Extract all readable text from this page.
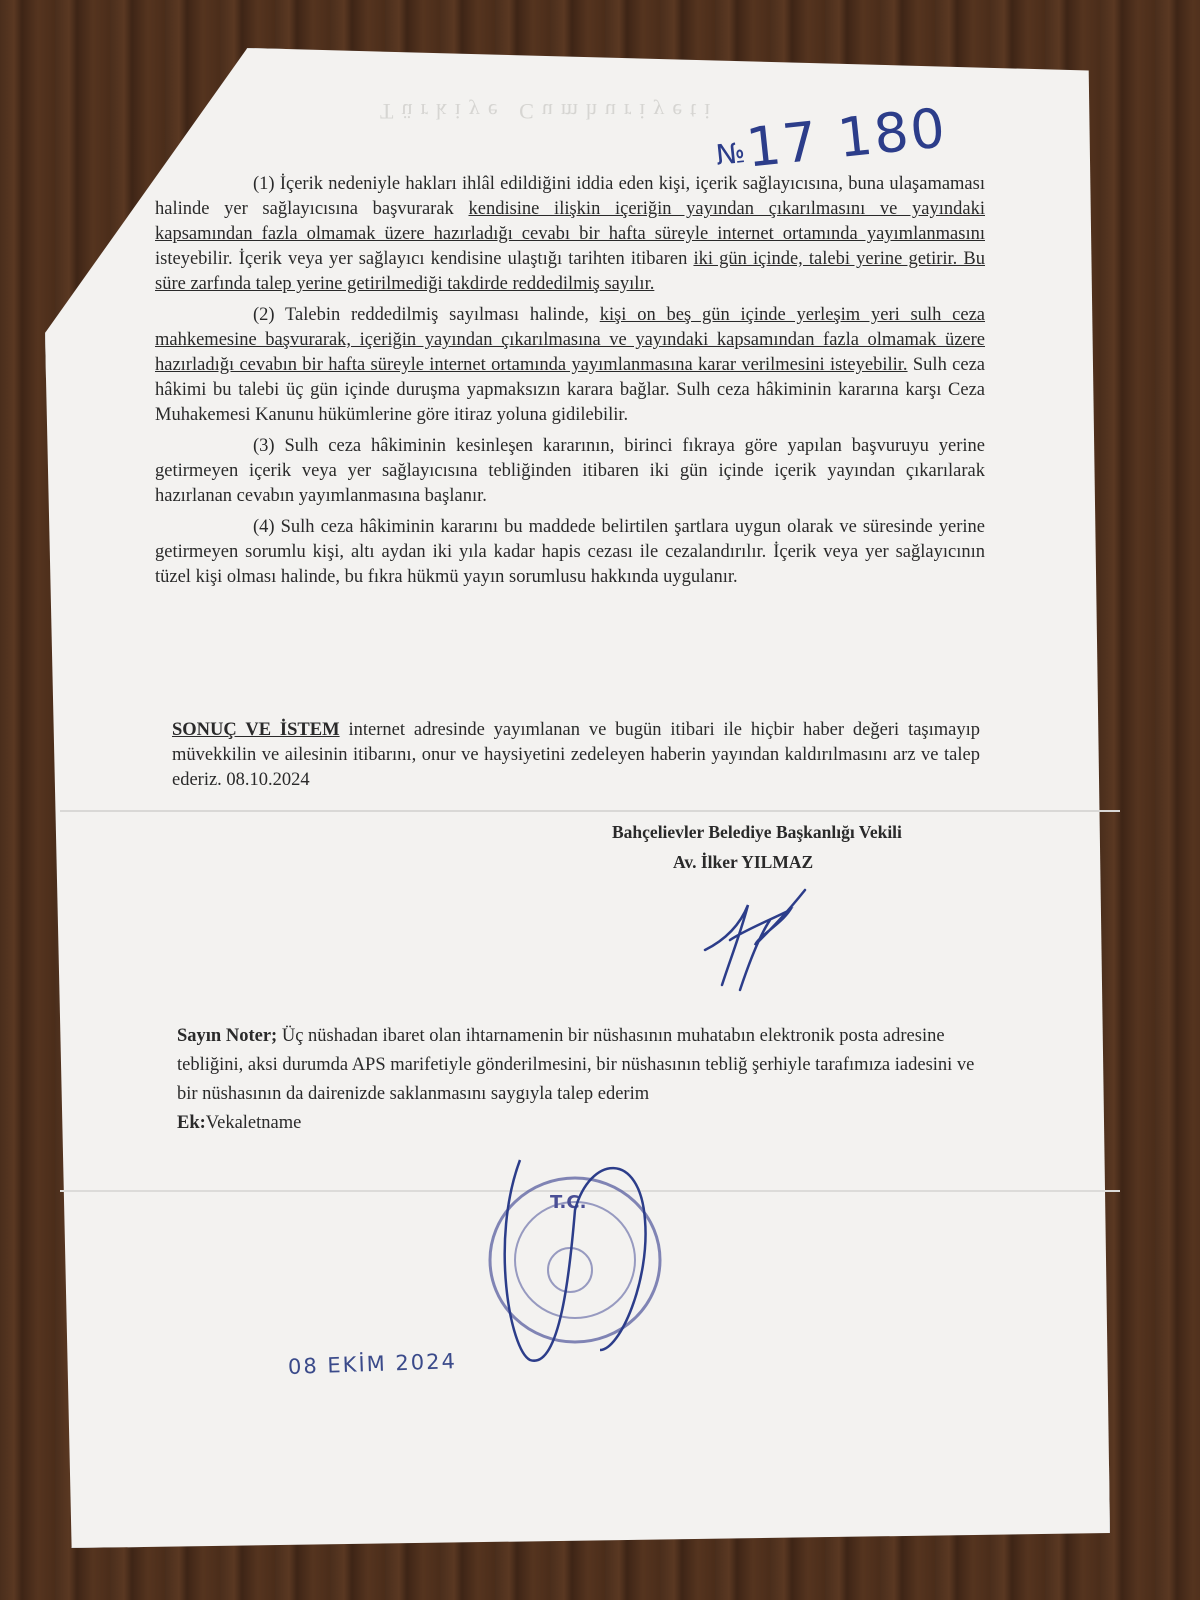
Türkiye Cumhuriyeti
№17 180

(1) İçerik nedeniyle hakları ihlâl edildiğini iddia eden kişi, içerik sağlayıcısına, buna ulaşamaması halinde yer sağlayıcısına başvurarak kendisine ilişkin içeriğin yayından çıkarılmasını ve yayındaki kapsamından fazla olmamak üzere hazırladığı cevabı bir hafta süreyle internet ortamında yayımlanmasını isteyebilir. İçerik veya yer sağlayıcı kendisine ulaştığı tarihten itibaren iki gün içinde, talebi yerine getirir. Bu süre zarfında talep yerine getirilmediği takdirde reddedilmiş sayılır.

(2) Talebin reddedilmiş sayılması halinde, kişi on beş gün içinde yerleşim yeri sulh ceza mahkemesine başvurarak, içeriğin yayından çıkarılmasına ve yayındaki kapsamından fazla olmamak üzere hazırladığı cevabın bir hafta süreyle internet ortamında yayımlanmasına karar verilmesini isteyebilir. Sulh ceza hâkimi bu talebi üç gün içinde duruşma yapmaksızın karara bağlar. Sulh ceza hâkiminin kararına karşı Ceza Muhakemesi Kanunu hükümlerine göre itiraz yoluna gidilebilir.

(3) Sulh ceza hâkiminin kesinleşen kararının, birinci fıkraya göre yapılan başvuruyu yerine getirmeyen içerik veya yer sağlayıcısına tebliğinden itibaren iki gün içinde içerik yayından çıkarılarak hazırlanan cevabın yayımlanmasına başlanır.

(4) Sulh ceza hâkiminin kararını bu maddede belirtilen şartlara uygun olarak ve süresinde yerine getirmeyen sorumlu kişi, altı aydan iki yıla kadar hapis cezası ile cezalandırılır. İçerik veya yer sağlayıcının tüzel kişi olması halinde, bu fıkra hükmü yayın sorumlusu hakkında uygulanır.

SONUÇ VE İSTEM internet adresinde yayımlanan ve bugün itibari ile hiçbir haber değeri taşımayıp müvekkilin ve ailesinin itibarını, onur ve haysiyetini zedeleyen haberin yayından kaldırılmasını arz ve talep ederiz. 08.10.2024
Bahçelievler Belediye Başkanlığı Vekili
Av. İlker YILMAZ
Sayın Noter; Üç nüshadan ibaret olan ihtarnamenin bir nüshasının muhatabın elektronik posta adresine tebliğini, aksi durumda APS marifetiyle gönderilmesini, bir nüshasının tebliğ şerhiyle tarafımıza iadesini ve bir nüshasının da dairenizde saklanmasını saygıyla talep ederim
Ek:Vekaletname
T.C.
08 EKİM 2024
